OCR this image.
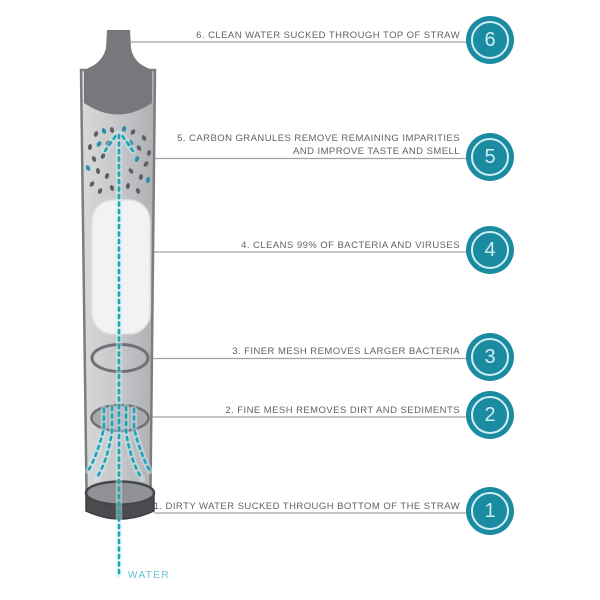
1. DIRTY WATER SUCKED THROUGH BOTTOM OF THE STRAW
2. FINE MESH REMOVES DIRT AND SEDIMENTS
3. FINER MESH REMOVES LARGER BACTERIA
4. CLEANS 99% OF BACTERIA AND VIRUSES
5. CARBON GRANULES REMOVE REMAINING IMPARITIES
AND IMPROVE TASTE AND SMELL
6. CLEAN WATER SUCKED THROUGH TOP OF STRAW
1
2
3
4
5
6
WATER
